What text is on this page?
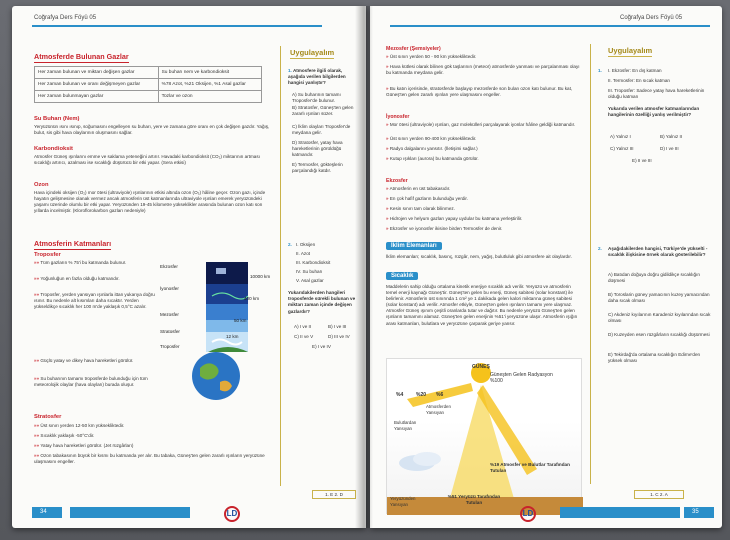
Coğrafya Ders Föyü 05
Atmosferde Bulunan Gazlar
Her zaman bulunan ve miktarı değişen gazlar	Su buharı nem ve karbondioksit
Her zaman bulunan ve oranı değişmeyen gazlar	%78 Azot, %21 Oksijen, %1 Asal gazlar
Her zaman bulunmayan gazlar	Tozlar ve ozon
Su Buharı (Nem)
Yeryüzünün ısını ısınıp, soğumasını engelleyen su buharı, yere ve zamana göre oranı en çok değişen gazdır. Yağış, bulut, sis gibi hava olaylarının oluşmasını sağlar.
Karbondioksit
Atmosfer Güneş ışınlarını emme ve saklama yeteneğini artırır. Havadaki karbondioksit (CO₂) miktarının artması sıcaklığı artırıcı, azalması ise sıcaklığı düşürücü bir etki yapar. (Sera etkisi)
Ozon
Hava içindeki oksijen (O₂) mor ötesi (ultraviyole) ışınlarının etkisi altında ozon (O₃) hâline geçer. Ozon gazı, içinde hayatın gelişmesine olanak vermez ancak atmosferin üst katmanlarında ultraviyole ışınları emerek yeryüzündeki yaşamı üzerinde olumlu bir etki yapar. Yeryüzünden 19-45 kilometre yükseklikler arasında bulunan ozon katı son yıllarda incelmiştir. (Kloroflorokarbon gazları nedeniyle)
Atmosferin Katmanları
Troposfer
»» Tüm gazların % 75'i bu katmanda bulunur.
»» Yoğunluğun en fazla olduğu katmandır.
»» Troposfer, yerden yansıyan ışınlarla ittan yukarıya doğru ısınır. Bu nedenle alt kısımları daha sıcaktır. Yerden yükseldikçe sıcaklık her 100 m'de yaklaşık 0,5°C azalır.
»» Güçlü yatay ve dikey hava hareketleri görülür.
»» Su buharının tamamı troposferde bulunduğu için tüm meteorolojik olaylar (hava olayları) burada oluşur.
Stratosfer
»» Üst sınırı yerden 12-50 km yüksekliktedir.
»» Sıcaklık yaklaşık -50°C'dir.
»» Yatay hava hareketleri görülür. (Jet rüzgârları)
»» Ozon tabakasının büyük bir kısmı bu katmanda yer alır. Bu tabaka, Güneş'ten gelen zararlı ışınların yeryüzüne ulaşmasını engeller.
Ekzosfer
İyonosfer
Mezosfer
Stratosfer
Troposfer
10000 km
400 km
50 km
12 km
Uygulayalım
1. Atmosfere ilgili olarak, aşağıda verilen bilgilerden hangisi yanlıştır?
A) Su buharının tamamı Troposfer'de bulunur.
B) Stratosfer, Güneş'ten gelen zararlı ışınları süzer.
C) İklim olayları Troposfer'de meydana gelir.
D) Stratosfer, yatay hava hareketlerinin görüldüğü katmandır.
E) Termosfer, gökteşlerin parçalandığı katdır.
2. I. Oksijen
II. Azot
III. Karbondioksit
IV. Su buharı
V. Asal gazlar
Yukarıdakilerden hangileri troposferde sürekli bulunan ve miktarı zaman içinde değişen gazlardır?
A) I ve II	B) I ve III
C) II ve V	D) III ve IV
E) I ve IV
1. E 2. D
34	LD
Coğrafya Ders Föyü 05
Mezosfer (Şemsiyeler)
» Üst sınırı yerden 50 - 90 km yüksekliktedir.
» Hava kütlesi olarak bilinen gök taşlarının (meteor) atmosferde yanması ve parçalanması olayı bu katmanda meydana gelir.
» Bu katın içerisinde, stratosferde başlayıp mezosferde son bulan ozon katı bulunur. Bu kat, Güneş'ten gelen zararlı ışınları yere ulaşmasını engeller.
İyonosfer
» Mor ötesi (ultraviyole) ışınları, gaz molekülleri parçalayarak iyonlar hâline geldiği katmandır.
» Üst sınırı yerden 90-400 km yüksekliktedir.
» Radyo dalgalarını yansıtır. (İletişimi sağlar.)
» Kutup ışıkları (aurora) bu katmanda görülür.
Ekzosfer
» Atmosferin en üst tabakasıdır.
» En çok hafif gazların bulunduğu yerdir.
» Kesin sınırı tam olarak bilinmez.
» Hidrojen ve helyum gazları yapay uydular bu katmana yerleştirilir.
» Ekzosfer ve iyonosfer ikisine birden Termosfer de denir.
İklim Elemanları
İklim elemanları; sıcaklık, basınç, rüzgâr, nem, yağış, bulutluluk gibi atmosfere ait olaylardır.
Sıcaklık
Maddelerin sahip olduğu ortalama kinetik enerjiye sıcaklık adı verilir. Yeryüzü ve atmosferin temel enerji kaynağı Güneş'tir. Güneş'ten gelen bu enerji, Güneş sabitesi (solar konstant) ile belirlenir. Atmosferin üst sınırında 1 cm² ye 1 dakikada gelen kalori miktarına güneş sabitesi (solar konstant) adı verilir. Atmosfer etkiyle, Güneş'ten gelen ışınların tamamı yere ulaşmaz. Atmosfer Güneş ışınım çeşitli oranlarda tutar ve dağıtır. Bu nedenle yeryüzü Güneş'ten gelen ışınların tamamını alamaz. Güneş'ten gelen enerjinin %51'i yeryüzüne ulaşır. Atmosferin ışığın arası katmanları, bulutlara ve yeryüzüne çarparak geriye yansır.
GÜNEŞ
Güneşten Gelen Radyasyon %100
%4	%20 %6
Atmosferden Yansıyan
Bulutlardan Yansıyan
Yeryüzünden Yansıyan
%19 Atmosfer ve Bulutlar Tarafından Tutulan
%51 Yeryüzü Tarafından Tutulan
Uygulayalım
1. I. Ekzosfer: En dış katman
II. Termosfer: En sıcak katman
III. Troposfer: Sadece yatay hava hareketlerinin olduğu katman
Yukarıda verilen atmosfer katmanlarından hangilerinin özelliği yanlış verilmiştir?
A) Yalnız I	B) Yalnız II
C) Yalnız III	D) I ve III
E) II ve III
2. Aşağıdakilerden hangisi, Türkiye'de yükselti - sıcaklık ilişkisine örnek olarak gösterilebilir?
A) Batıdan doğuya doğru gidildikçe sıcaklığın düşmesi
B) Toroslarin güney yamacının kuzey yamacından daha sıcak olması
C) Akdeniz kıyılarının Karadeniz kıyılarından sıcak olması
D) Kuzeyden esen rüzgârların sıcaklığı düşürmesi
E) Tekirdağ'da ortalama sıcaklığın Edirne'den yüksek olması
1. C 2. A
LD	35
